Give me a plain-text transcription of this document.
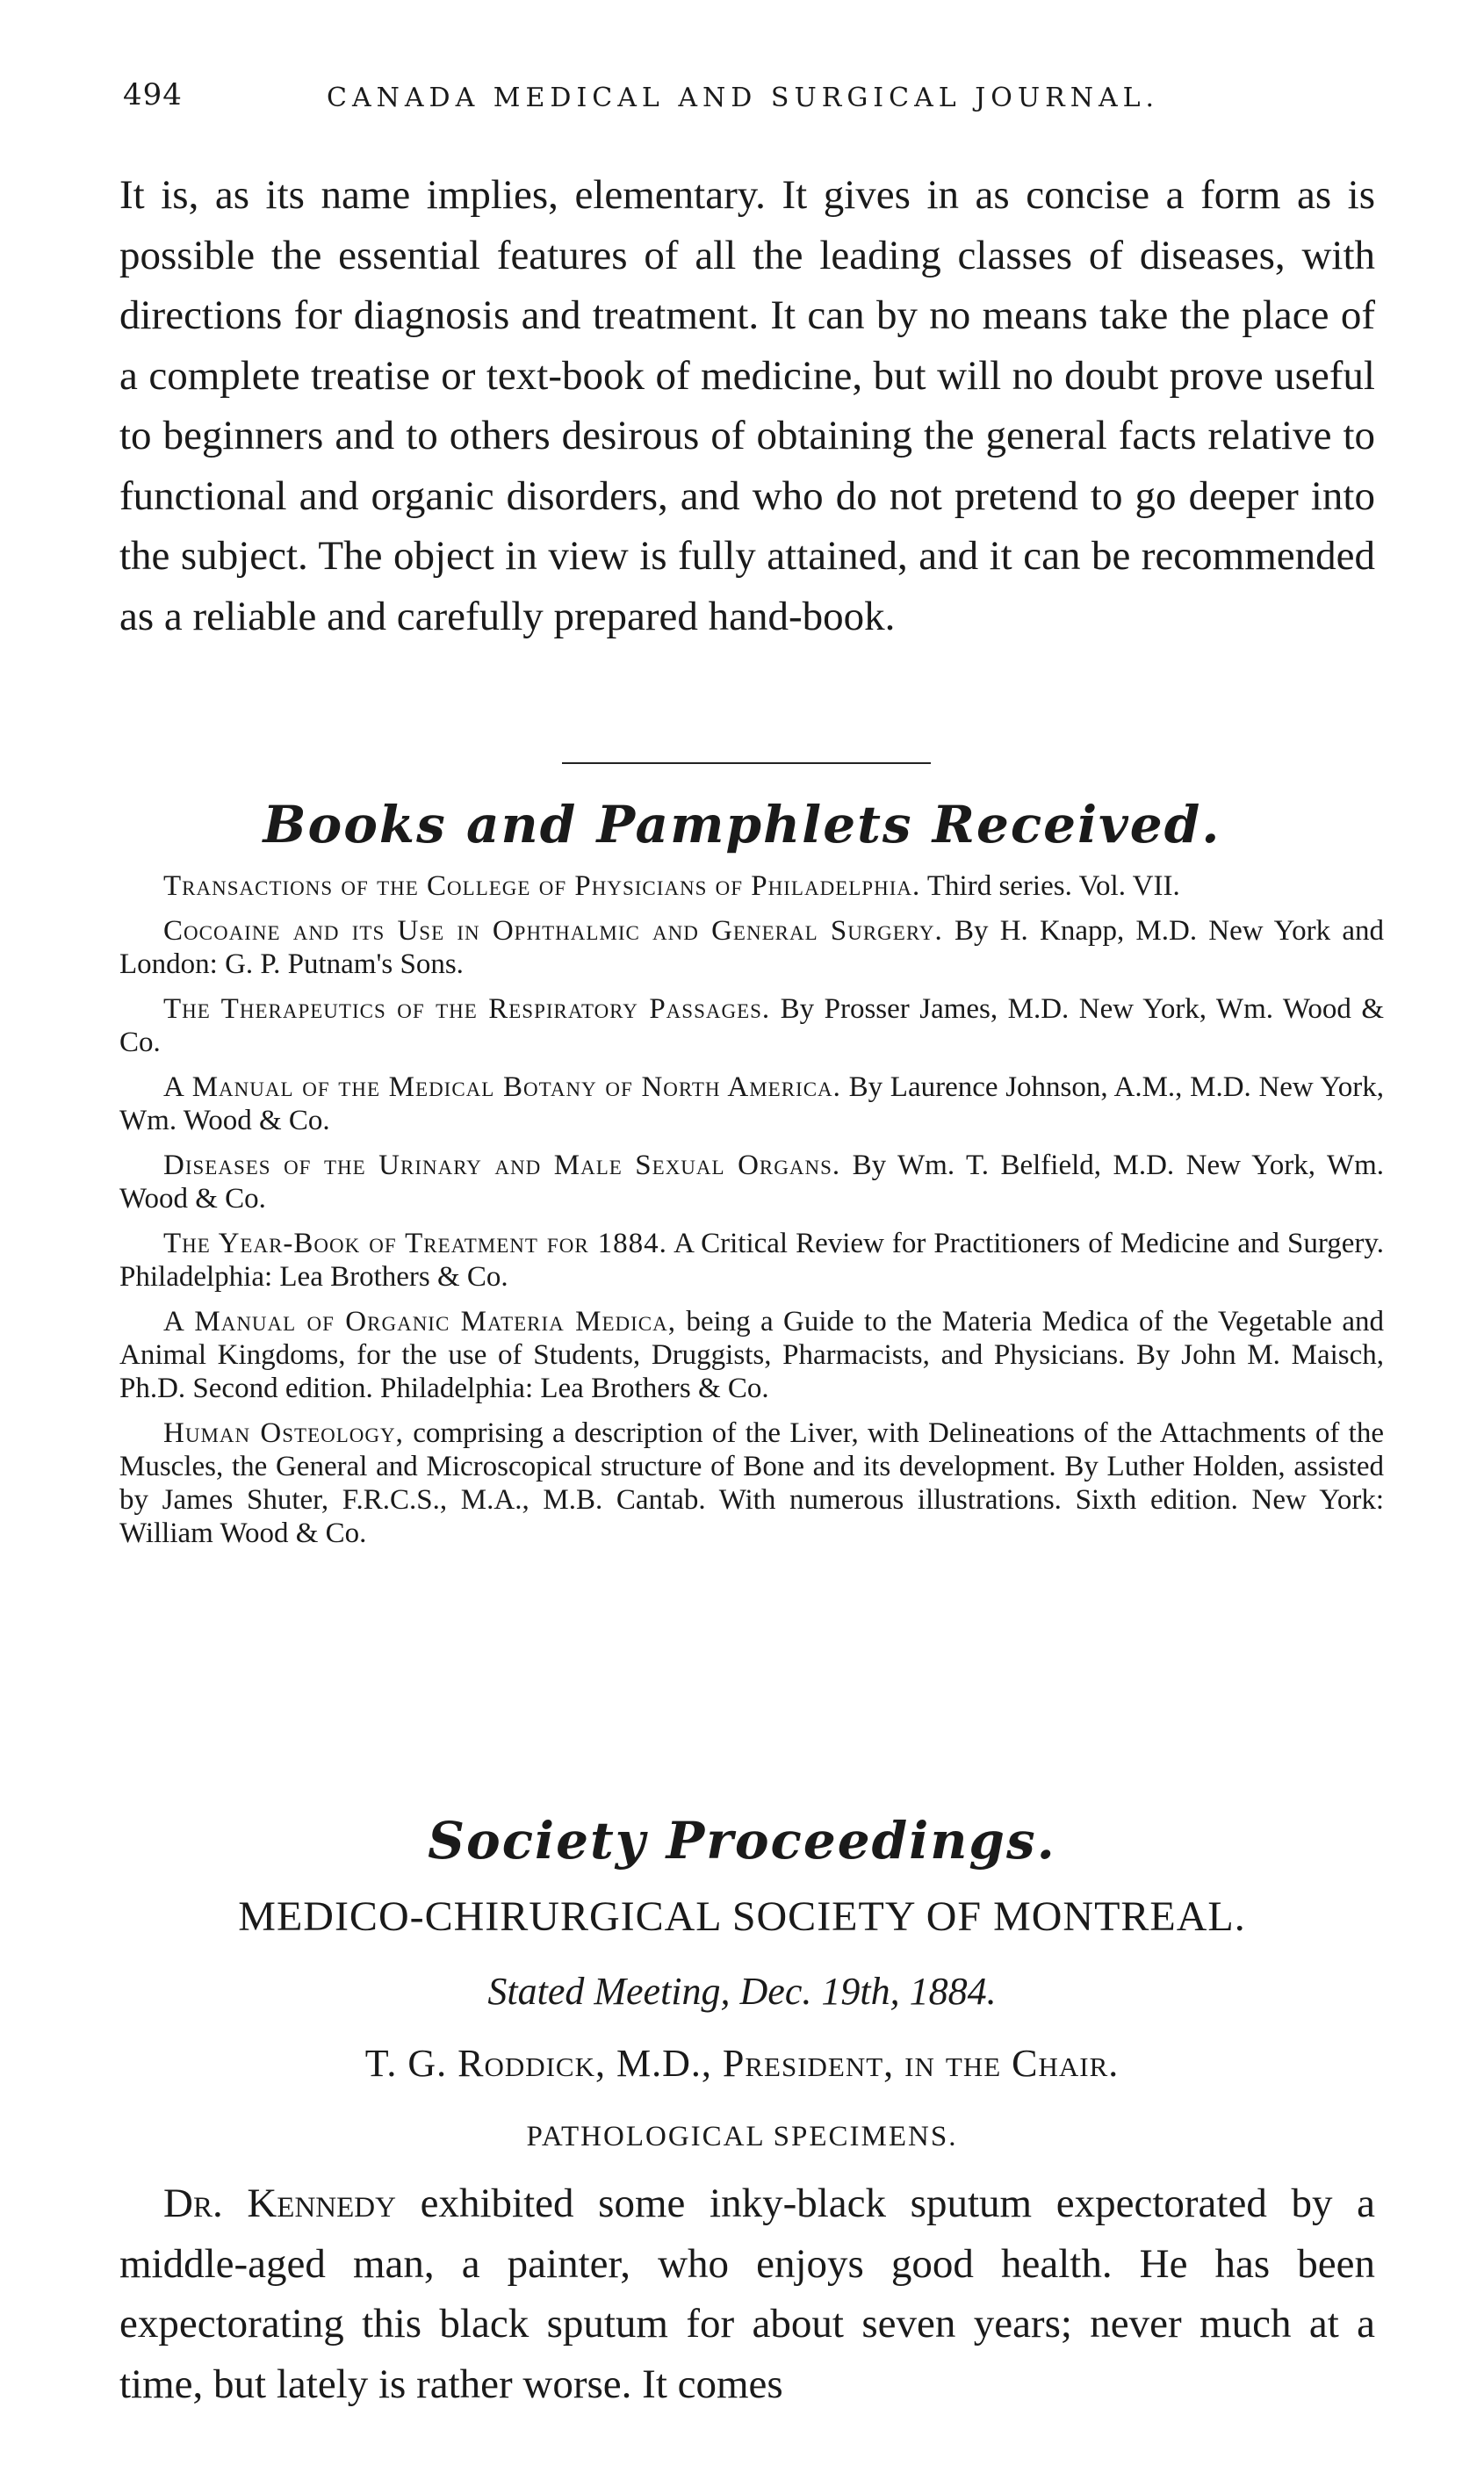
494	CANADA MEDICAL AND SURGICAL JOURNAL.

It is, as its name implies, elementary. It gives in as concise a form as is possible the essential features of all the leading classes of diseases, with directions for diagnosis and treatment. It can by no means take the place of a complete treatise or text-book of medicine, but will no doubt prove useful to beginners and to others desirous of obtaining the general facts relative to functional and organic disorders, and who do not pretend to go deeper into the subject. The object in view is fully attained, and it can be recommended as a reliable and carefully prepared hand-book.

Books and Pamphlets Received.

Transactions of the College of Physicians of Philadelphia. Third series. Vol. VII.

Cocoaine and its Use in Ophthalmic and General Surgery. By H. Knapp, M.D. New York and London: G. P. Putnam's Sons.

The Therapeutics of the Respiratory Passages. By Prosser James, M.D. New York, Wm. Wood & Co.

A Manual of the Medical Botany of North America. By Laurence Johnson, A.M., M.D. New York, Wm. Wood & Co.

Diseases of the Urinary and Male Sexual Organs. By Wm. T. Belfield, M.D. New York, Wm. Wood & Co.

The Year-Book of Treatment for 1884. A Critical Review for Practitioners of Medicine and Surgery. Philadelphia: Lea Brothers & Co.

A Manual of Organic Materia Medica, being a Guide to the Materia Medica of the Vegetable and Animal Kingdoms, for the use of Students, Druggists, Pharmacists, and Physicians. By John M. Maisch, Ph.D. Second edition. Philadelphia: Lea Brothers & Co.

Human Osteology, comprising a description of the Liver, with Delineations of the Attachments of the Muscles, the General and Microscopical structure of Bone and its development. By Luther Holden, assisted by James Shuter, F.R.C.S., M.A., M.B. Cantab. With numerous illustrations. Sixth edition. New York: William Wood & Co.

Society Proceedings.
MEDICO-CHIRURGICAL SOCIETY OF MONTREAL.
Stated Meeting, Dec. 19th, 1884.
T. G. Roddick, M.D., President, in the Chair.
PATHOLOGICAL SPECIMENS.

Dr. Kennedy exhibited some inky-black sputum expectorated by a middle-aged man, a painter, who enjoys good health. He has been expectorating this black sputum for about seven years; never much at a time, but lately is rather worse. It comes
